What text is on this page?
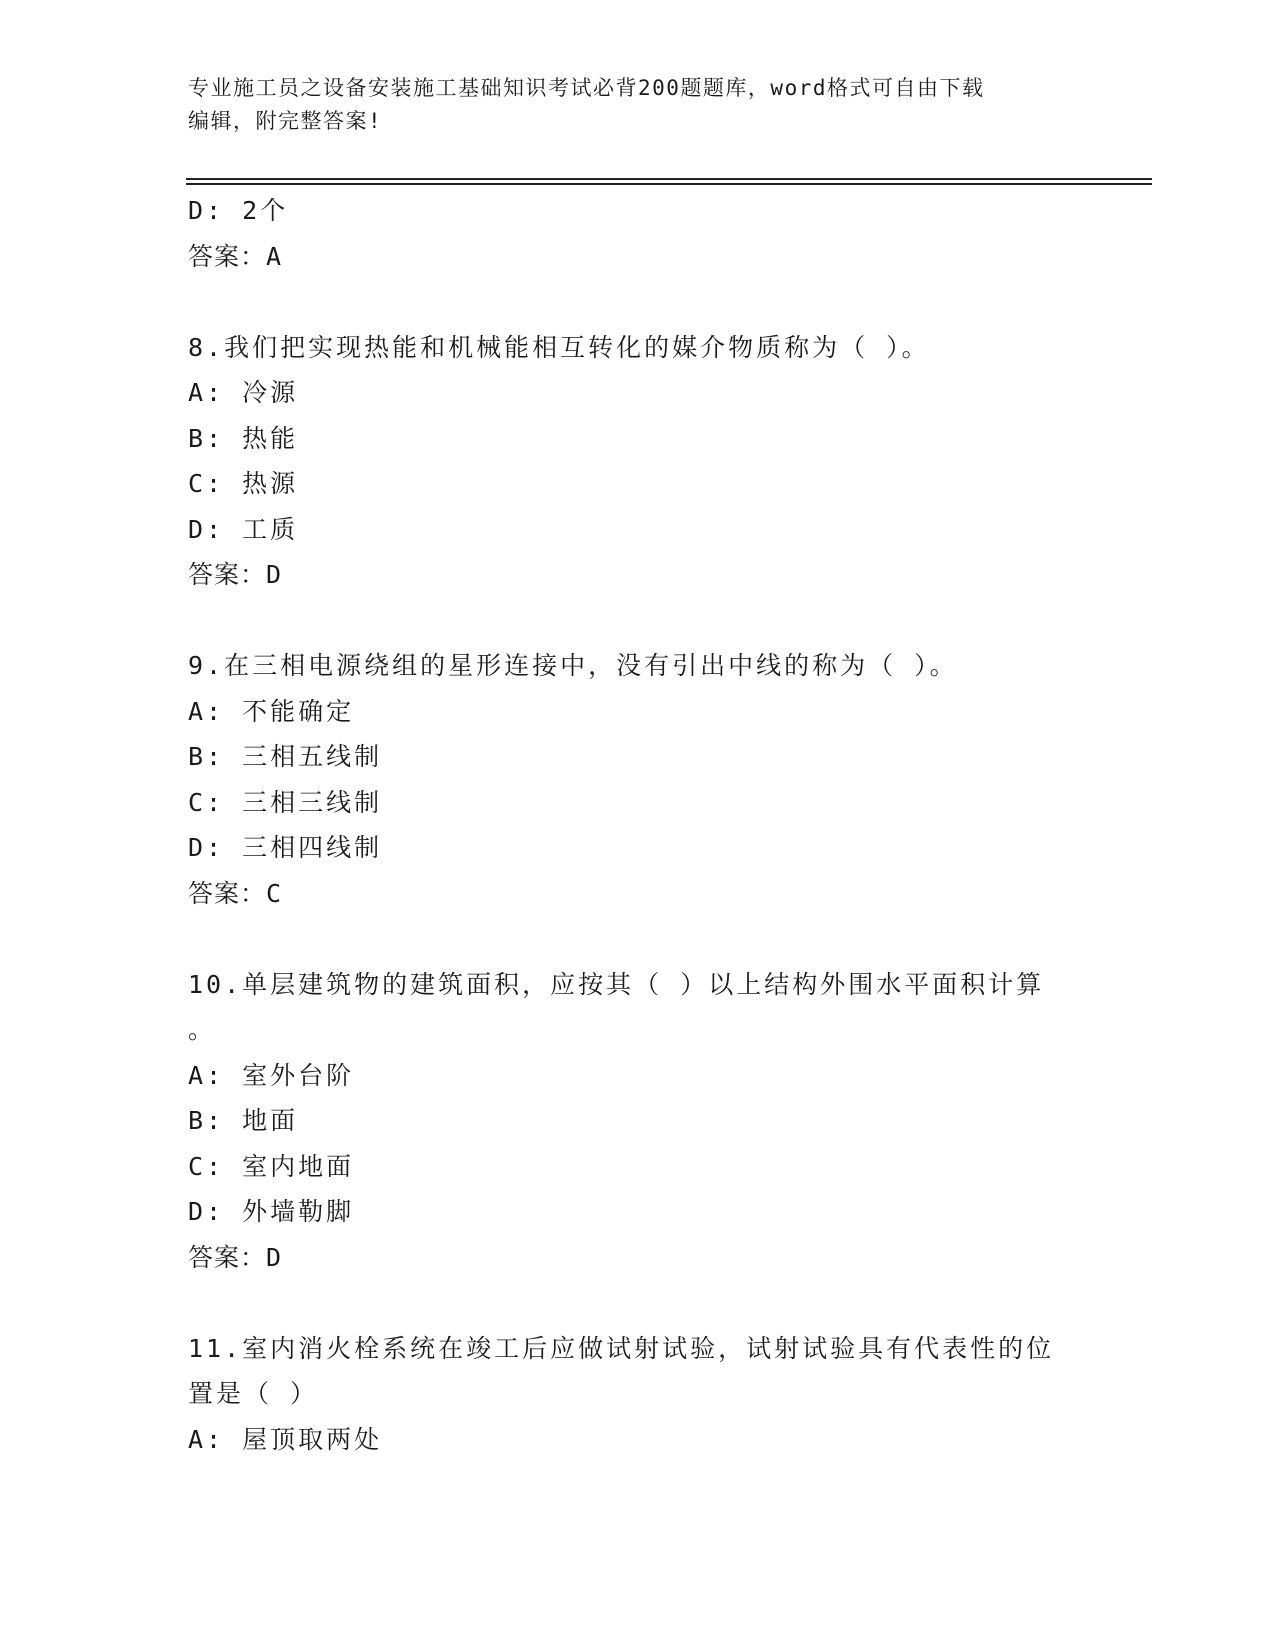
专业施工员之设备安装施工基础知识考试必背200题题库，word格式可自由下载
编辑，附完整答案!
D: 2个
答案：A
8.我们把实现热能和机械能相互转化的媒介物质称为（ ）。
A: 冷源
B: 热能
C: 热源
D: 工质
答案：D
9.在三相电源绕组的星形连接中，没有引出中线的称为（ ）。
A: 不能确定
B: 三相五线制
C: 三相三线制
D: 三相四线制
答案：C
10.单层建筑物的建筑面积，应按其（ ）以上结构外围水平面积计算
。
A: 室外台阶
B: 地面
C: 室内地面
D: 外墙勒脚
答案：D
11.室内消火栓系统在竣工后应做试射试验，试射试验具有代表性的位
置是（ ）
A: 屋顶取两处
